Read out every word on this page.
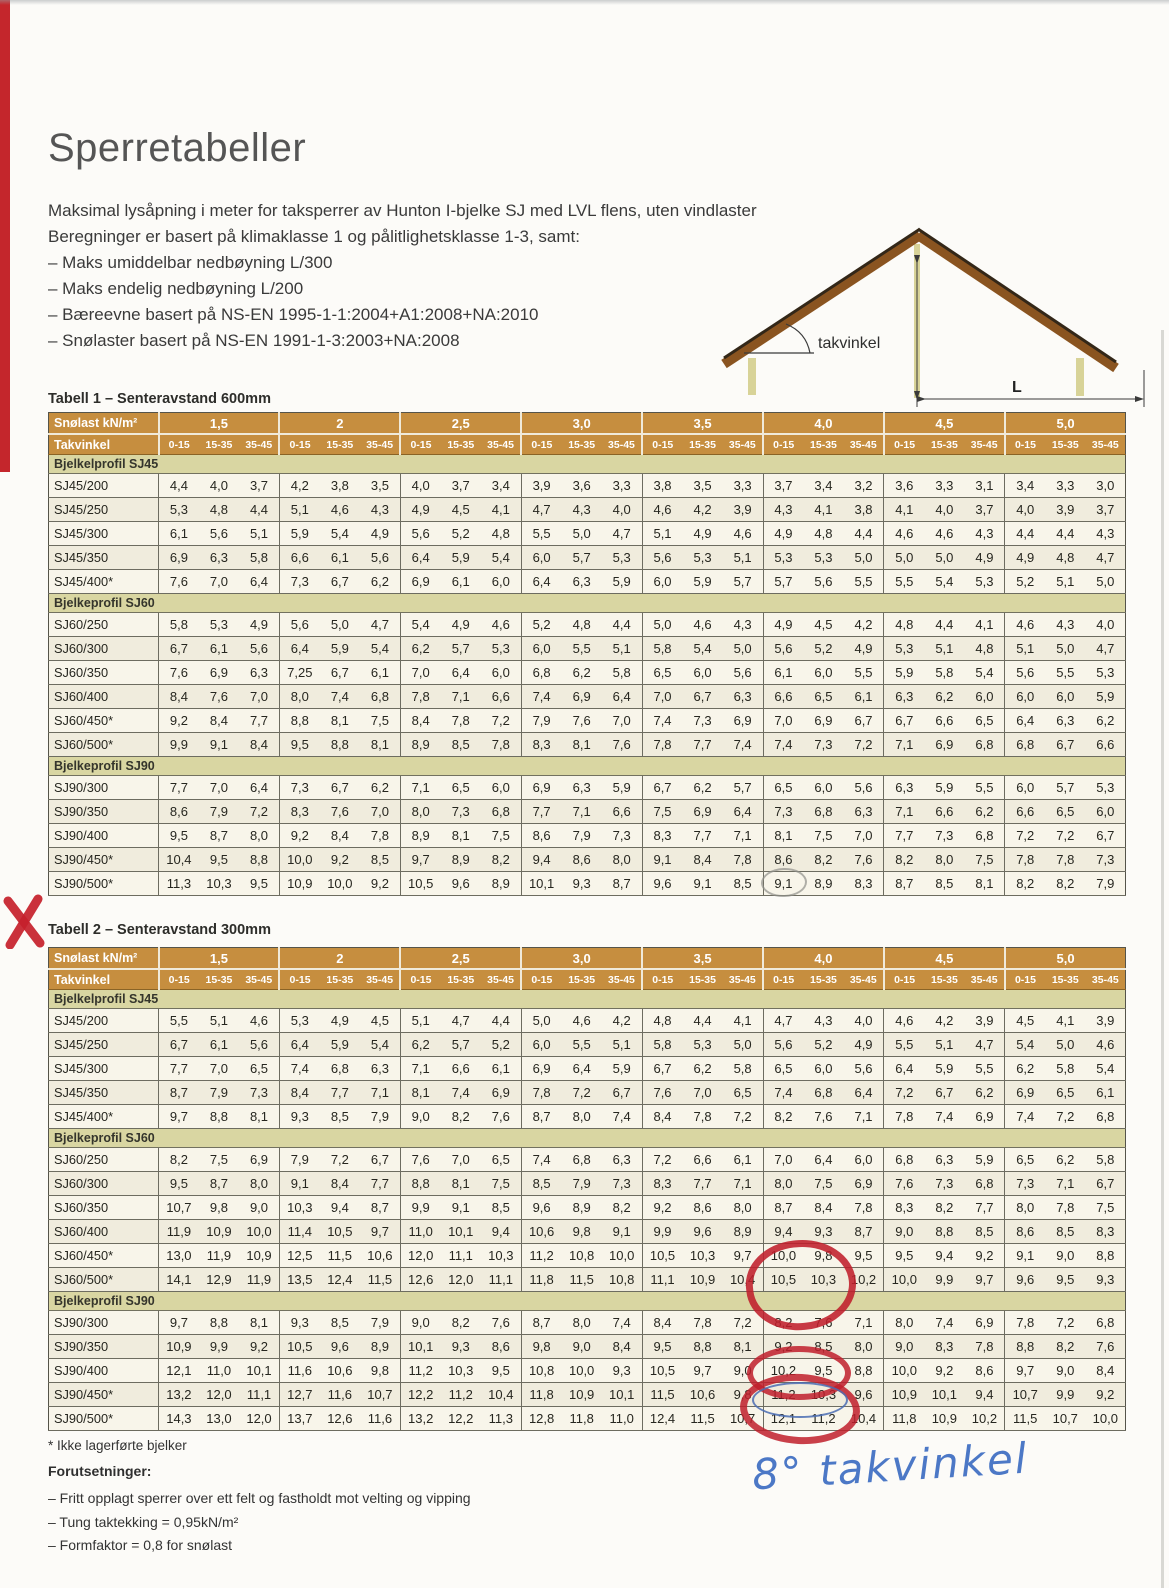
Sperretabeller
Maksimal lysåpning i meter for taksperrer av Hunton I-bjelke SJ med LVL flens, uten vindlaster
Beregninger er basert på klimaklasse 1 og pålitlighetsklasse 1-3, samt:
– Maks umiddelbar nedbøyning L/300
– Maks endelig nedbøyning L/200
– Bæreevne basert på NS-EN 1995-1-1:2004+A1:2008+NA:2010
– Snølaster basert på NS-EN 1991-1-3:2003+NA:2008	takvinkel
L
Tabell 1 – Senteravstand 600mm
Snølast kN/m²	1,5			2			2,5			3,0			3,5			4,0			4,5			5,0		
Takvinkel	0-15	15-35	35-45	0-15	15-35	35-45	0-15	15-35	35-45	0-15	15-35	35-45	0-15	15-35	35-45	0-15	15-35	35-45	0-15	15-35	35-45	0-15	15-35	35-45
Bjelkelprofil SJ45																								
SJ45/200	4,4	4,0	3,7	4,2	3,8	3,5	4,0	3,7	3,4	3,9	3,6	3,3	3,8	3,5	3,3	3,7	3,4	3,2	3,6	3,3	3,1	3,4	3,3	3,0
SJ45/250	5,3	4,8	4,4	5,1	4,6	4,3	4,9	4,5	4,1	4,7	4,3	4,0	4,6	4,2	3,9	4,3	4,1	3,8	4,1	4,0	3,7	4,0	3,9	3,7
SJ45/300	6,1	5,6	5,1	5,9	5,4	4,9	5,6	5,2	4,8	5,5	5,0	4,7	5,1	4,9	4,6	4,9	4,8	4,4	4,6	4,6	4,3	4,4	4,4	4,3
SJ45/350	6,9	6,3	5,8	6,6	6,1	5,6	6,4	5,9	5,4	6,0	5,7	5,3	5,6	5,3	5,1	5,3	5,3	5,0	5,0	5,0	4,9	4,9	4,8	4,7
SJ45/400*	7,6	7,0	6,4	7,3	6,7	6,2	6,9	6,1	6,0	6,4	6,3	5,9	6,0	5,9	5,7	5,7	5,6	5,5	5,5	5,4	5,3	5,2	5,1	5,0
Bjelkeprofil SJ60																								
SJ60/250	5,8	5,3	4,9	5,6	5,0	4,7	5,4	4,9	4,6	5,2	4,8	4,4	5,0	4,6	4,3	4,9	4,5	4,2	4,8	4,4	4,1	4,6	4,3	4,0
SJ60/300	6,7	6,1	5,6	6,4	5,9	5,4	6,2	5,7	5,3	6,0	5,5	5,1	5,8	5,4	5,0	5,6	5,2	4,9	5,3	5,1	4,8	5,1	5,0	4,7
SJ60/350	7,6	6,9	6,3	7,25	6,7	6,1	7,0	6,4	6,0	6,8	6,2	5,8	6,5	6,0	5,6	6,1	6,0	5,5	5,9	5,8	5,4	5,6	5,5	5,3
SJ60/400	8,4	7,6	7,0	8,0	7,4	6,8	7,8	7,1	6,6	7,4	6,9	6,4	7,0	6,7	6,3	6,6	6,5	6,1	6,3	6,2	6,0	6,0	6,0	5,9
SJ60/450*	9,2	8,4	7,7	8,8	8,1	7,5	8,4	7,8	7,2	7,9	7,6	7,0	7,4	7,3	6,9	7,0	6,9	6,7	6,7	6,6	6,5	6,4	6,3	6,2
SJ60/500*	9,9	9,1	8,4	9,5	8,8	8,1	8,9	8,5	7,8	8,3	8,1	7,6	7,8	7,7	7,4	7,4	7,3	7,2	7,1	6,9	6,8	6,8	6,7	6,6
Bjelkeprofil SJ90																								
SJ90/300	7,7	7,0	6,4	7,3	6,7	6,2	7,1	6,5	6,0	6,9	6,3	5,9	6,7	6,2	5,7	6,5	6,0	5,6	6,3	5,9	5,5	6,0	5,7	5,3
SJ90/350	8,6	7,9	7,2	8,3	7,6	7,0	8,0	7,3	6,8	7,7	7,1	6,6	7,5	6,9	6,4	7,3	6,8	6,3	7,1	6,6	6,2	6,6	6,5	6,0
SJ90/400	9,5	8,7	8,0	9,2	8,4	7,8	8,9	8,1	7,5	8,6	7,9	7,3	8,3	7,7	7,1	8,1	7,5	7,0	7,7	7,3	6,8	7,2	7,2	6,7
SJ90/450*	10,4	9,5	8,8	10,0	9,2	8,5	9,7	8,9	8,2	9,4	8,6	8,0	9,1	8,4	7,8	8,6	8,2	7,6	8,2	8,0	7,5	7,8	7,8	7,3
SJ90/500*	11,3	10,3	9,5	10,9	10,0	9,2	10,5	9,6	8,9	10,1	9,3	8,7	9,6	9,1	8,5	9,1	8,9	8,3	8,7	8,5	8,1	8,2	8,2	7,9
Tabell 2 – Senteravstand 300mm
Snølast kN/m²	1,5			2			2,5			3,0			3,5			4,0			4,5			5,0		
Takvinkel	0-15	15-35	35-45	0-15	15-35	35-45	0-15	15-35	35-45	0-15	15-35	35-45	0-15	15-35	35-45	0-15	15-35	35-45	0-15	15-35	35-45	0-15	15-35	35-45
Bjelkelprofil SJ45																								
SJ45/200	5,5	5,1	4,6	5,3	4,9	4,5	5,1	4,7	4,4	5,0	4,6	4,2	4,8	4,4	4,1	4,7	4,3	4,0	4,6	4,2	3,9	4,5	4,1	3,9
SJ45/250	6,7	6,1	5,6	6,4	5,9	5,4	6,2	5,7	5,2	6,0	5,5	5,1	5,8	5,3	5,0	5,6	5,2	4,9	5,5	5,1	4,7	5,4	5,0	4,6
SJ45/300	7,7	7,0	6,5	7,4	6,8	6,3	7,1	6,6	6,1	6,9	6,4	5,9	6,7	6,2	5,8	6,5	6,0	5,6	6,4	5,9	5,5	6,2	5,8	5,4
SJ45/350	8,7	7,9	7,3	8,4	7,7	7,1	8,1	7,4	6,9	7,8	7,2	6,7	7,6	7,0	6,5	7,4	6,8	6,4	7,2	6,7	6,2	6,9	6,5	6,1
SJ45/400*	9,7	8,8	8,1	9,3	8,5	7,9	9,0	8,2	7,6	8,7	8,0	7,4	8,4	7,8	7,2	8,2	7,6	7,1	7,8	7,4	6,9	7,4	7,2	6,8
Bjelkeprofil SJ60																								
SJ60/250	8,2	7,5	6,9	7,9	7,2	6,7	7,6	7,0	6,5	7,4	6,8	6,3	7,2	6,6	6,1	7,0	6,4	6,0	6,8	6,3	5,9	6,5	6,2	5,8
SJ60/300	9,5	8,7	8,0	9,1	8,4	7,7	8,8	8,1	7,5	8,5	7,9	7,3	8,3	7,7	7,1	8,0	7,5	6,9	7,6	7,3	6,8	7,3	7,1	6,7
SJ60/350	10,7	9,8	9,0	10,3	9,4	8,7	9,9	9,1	8,5	9,6	8,9	8,2	9,2	8,6	8,0	8,7	8,4	7,8	8,3	8,2	7,7	8,0	7,8	7,5
SJ60/400	11,9	10,9	10,0	11,4	10,5	9,7	11,0	10,1	9,4	10,6	9,8	9,1	9,9	9,6	8,9	9,4	9,3	8,7	9,0	8,8	8,5	8,6	8,5	8,3
SJ60/450*	13,0	11,9	10,9	12,5	11,5	10,6	12,0	11,1	10,3	11,2	10,8	10,0	10,5	10,3	9,7	10,0	9,8	9,5	9,5	9,4	9,2	9,1	9,0	8,8
SJ60/500*	14,1	12,9	11,9	13,5	12,4	11,5	12,6	12,0	11,1	11,8	11,5	10,8	11,1	10,9	10,4	10,5	10,3	10,2	10,0	9,9	9,7	9,6	9,5	9,3
Bjelkeprofil SJ90																								
SJ90/300	9,7	8,8	8,1	9,3	8,5	7,9	9,0	8,2	7,6	8,7	8,0	7,4	8,4	7,8	7,2	8,2	7,6	7,1	8,0	7,4	6,9	7,8	7,2	6,8
SJ90/350	10,9	9,9	9,2	10,5	9,6	8,9	10,1	9,3	8,6	9,8	9,0	8,4	9,5	8,8	8,1	9,2	8,5	8,0	9,0	8,3	7,8	8,8	8,2	7,6
SJ90/400	12,1	11,0	10,1	11,6	10,6	9,8	11,2	10,3	9,5	10,8	10,0	9,3	10,5	9,7	9,0	10,2	9,5	8,8	10,0	9,2	8,6	9,7	9,0	8,4
SJ90/450*	13,2	12,0	11,1	12,7	11,6	10,7	12,2	11,2	10,4	11,8	10,9	10,1	11,5	10,6	9,8	11,2	10,3	9,6	10,9	10,1	9,4	10,7	9,9	9,2
SJ90/500*	14,3	13,0	12,0	13,7	12,6	11,6	13,2	12,2	11,3	12,8	11,8	11,0	12,4	11,5	10,7	12,1	11,2	10,4	11,8	10,9	10,2	11,5	10,7	10,0
* Ikke lagerførte bjelker
Forutsetninger:
– Fritt opplagt sperrer over ett felt og fastholdt mot velting og vipping
– Tung taktekking = 0,95kN/m²
– Formfaktor = 0,8 for snølast
8° takvinkel
